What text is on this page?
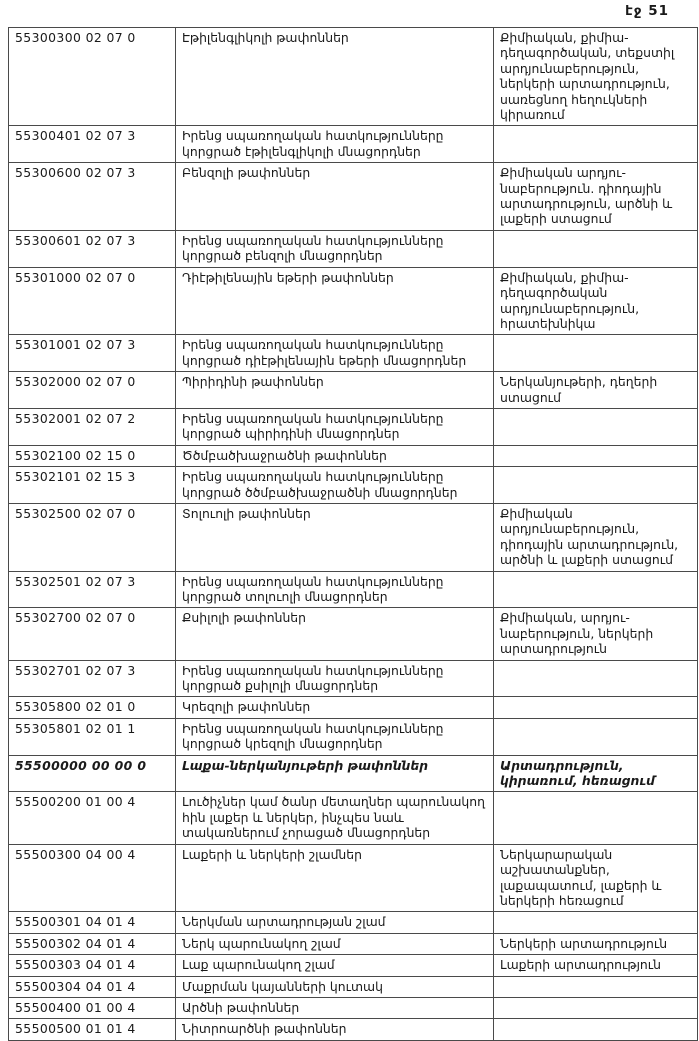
էջ 51
55300300 02 07 0	Էթիլենգլիկոլի թափոններ	Քիմիական, քիմիա-դեղագործական, տեքստիլ արդյունաբերություն, ներկերի արտադրություն, սառեցնող հեղուկների կիրառում
55300401 02 07 3	Իրենց սպառողական հատկությունները կորցրած էթիլենգլիկոլի մնացորդներ	
55300600 02 07 3	Բենզոլի թափոններ	Քիմիական արդյու-նաբերություն. դիոդային արտադրություն, արծնի և լաքերի ստացում
55300601 02 07 3	Իրենց սպառողական հատկությունները կորցրած բենզոլի մնացորդներ	
55301000 02 07 0	Դիէթիլենային եթերի թափոններ	Քիմիական, քիմիա-դեղագործական արդյունաբերություն, հրատեխնիկա
55301001 02 07 3	Իրենց սպառողական հատկությունները կորցրած դիէթիլենային եթերի մնացորդներ	
55302000 02 07 0	Պիրիդինի թափոններ	Ներկանյութերի, դեղերի ստացում
55302001 02 07 2	Իրենց սպառողական հատկությունները կորցրած պիրիդինի մնացորդներ	
55302100 02 15 0	Ծծմբածխաջրածնի թափոններ	
55302101 02 15 3	Իրենց սպառողական հատկությունները կորցրած ծծմբածխաջրածնի մնացորդներ	
55302500 02 07 0	Տոլուոլի թափոններ	Քիմիական արդյունաբերություն, դիոդային արտադրություն, արծնի և լաքերի ստացում
55302501 02 07 3	Իրենց սպառողական հատկությունները կորցրած տոլուոլի մնացորդներ	
55302700 02 07 0	Քսիլոլի թափոններ	Քիմիական, արդյու-նաբերություն, ներկերի արտադրություն
55302701 02 07 3	Իրենց սպառողական հատկությունները կորցրած քսիլոլի մնացորդներ	
55305800 02 01 0	Կրեզոլի թափոններ	
55305801 02 01 1	Իրենց սպառողական հատկությունները կորցրած կրեզոլի մնացորդներ	
55500000 00 00 0	Լաքա-ներկանյութերի թափոններ	Արտադրություն, կիրառում, հեռացում
55500200 01 00 4	Լուծիչներ կամ ծանր մետաղներ պարունակող հին լաքեր և ներկեր, ինչպես նաև տակառներում չորացած մնացորդներ	
55500300 04 00 4	Լաքերի և ներկերի շլամներ	Ներկարարական աշխատանքներ, լաքապատում, լաքերի և ներկերի հեռացում
55500301 04 01 4	Ներկման արտադրության շլամ	
55500302 04 01 4	Ներկ պարունակող շլամ	Ներկերի արտադրություն
55500303 04 01 4	Լաք պարունակող շլամ	Լաքերի արտադրություն
55500304 04 01 4	Մաքրման կայանների կուտակ	
55500400 01 00 4	Արծնի թափոններ	
55500500 01 01 4	Նիտրոարծնի թափոններ	
